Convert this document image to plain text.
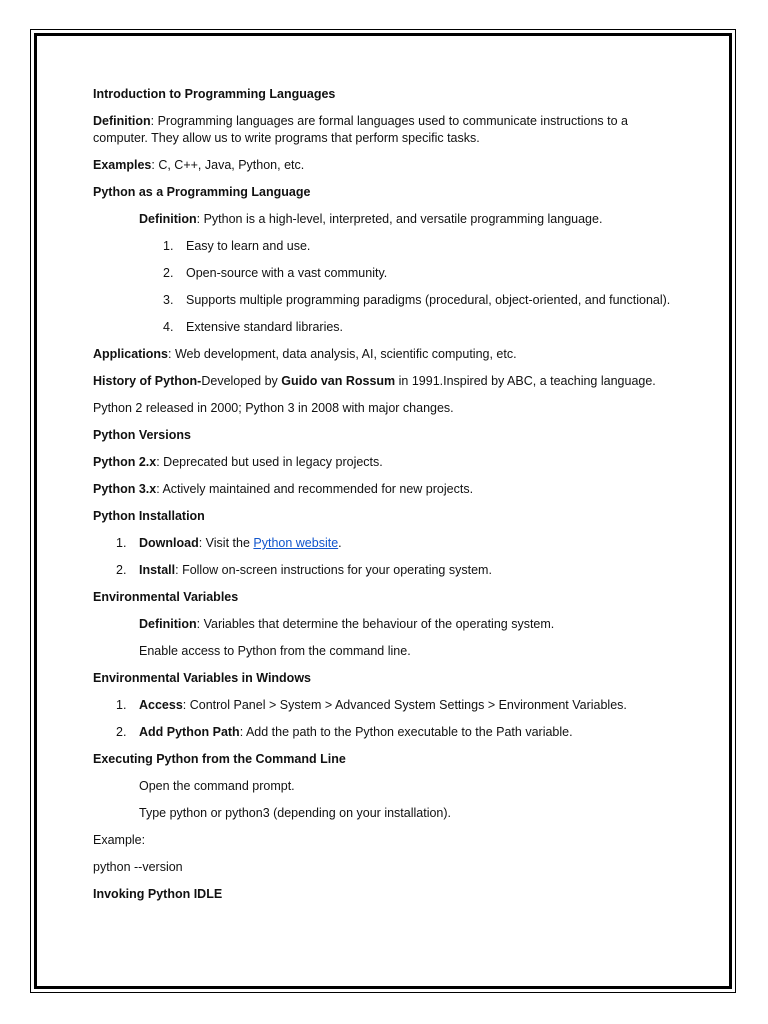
Introduction to Programming Languages

Definition: Programming languages are formal languages used to communicate instructions to a computer. They allow us to write programs that perform specific tasks.

Examples: C, C++, Java, Python, etc.

Python as a Programming Language

Definition: Python is a high-level, interpreted, and versatile programming language.

1. Easy to learn and use.
2. Open-source with a vast community.
3. Supports multiple programming paradigms (procedural, object-oriented, and functional).
4. Extensive standard libraries.

Applications: Web development, data analysis, AI, scientific computing, etc.

History of Python-Developed by Guido van Rossum in 1991.Inspired by ABC, a teaching language.

Python 2 released in 2000; Python 3 in 2008 with major changes.

Python Versions

Python 2.x: Deprecated but used in legacy projects.

Python 3.x: Actively maintained and recommended for new projects.

Python Installation

1. Download: Visit the Python website.
2. Install: Follow on-screen instructions for your operating system.

Environmental Variables

Definition: Variables that determine the behaviour of the operating system.

Enable access to Python from the command line.

Environmental Variables in Windows

1. Access: Control Panel > System > Advanced System Settings > Environment Variables.
2. Add Python Path: Add the path to the Python executable to the Path variable.

Executing Python from the Command Line

Open the command prompt.

Type python or python3 (depending on your installation).

Example:

python --version

Invoking Python IDLE
